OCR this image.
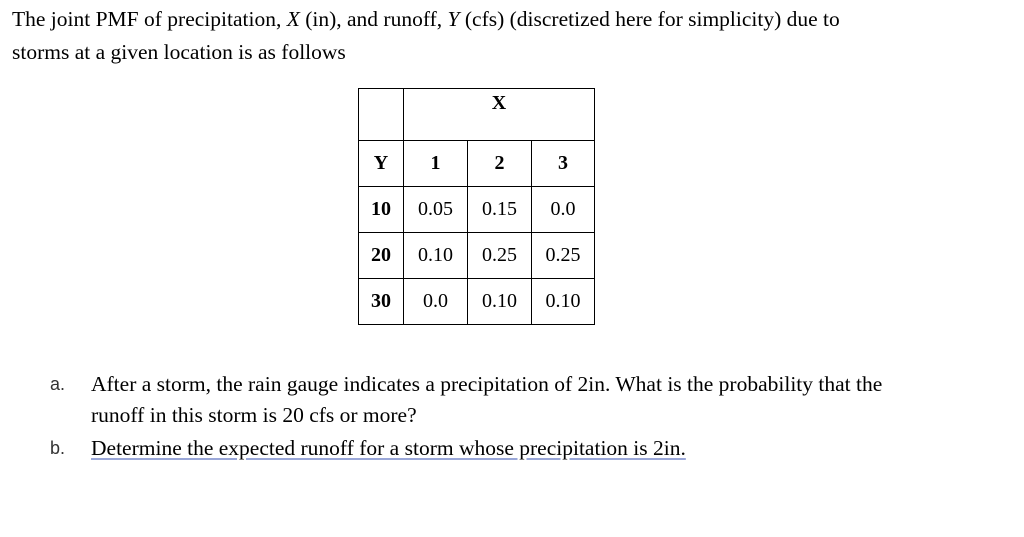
The joint PMF of precipitation, X (in), and runoff, Y (cfs) (discretized here for simplicity) due to
storms at a given location is as follows
	X		
Y	1	2	3
10	0.05	0.15	0.0
20	0.10	0.25	0.25
30	0.0	0.10	0.10
a. After a storm, the rain gauge indicates a precipitation of 2in. What is the probability that the
runoff in this storm is 20 cfs or more?
b. Determine the expected runoff for a storm whose precipitation is 2in.
